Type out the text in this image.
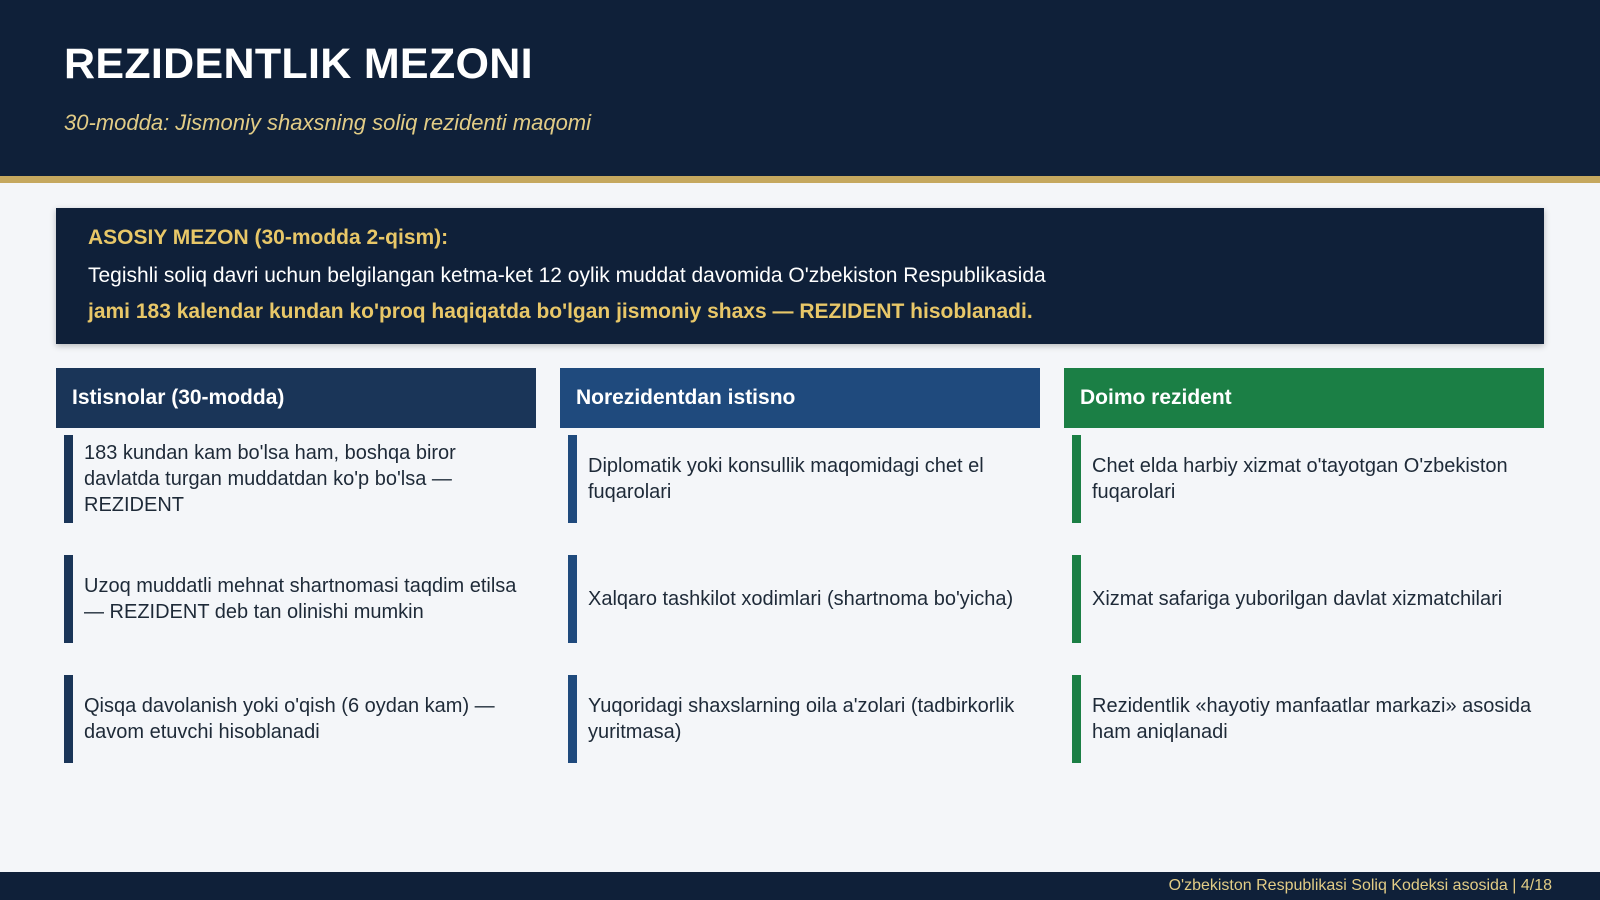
REZIDENTLIK MEZONI
30-modda: Jismoniy shaxsning soliq rezidenti maqomi
ASOSIY MEZON (30-modda 2-qism):
Tegishli soliq davri uchun belgilangan ketma-ket 12 oylik muddat davomida O'zbekiston Respublikasida
jami 183 kalendar kundan ko'proq haqiqatda bo'lgan jismoniy shaxs — REZIDENT hisoblanadi.
Istisnolar (30-modda)
183 kundan kam bo'lsa ham, boshqa biror davlatda turgan muddatdan ko'p bo'lsa — REZIDENT
Uzoq muddatli mehnat shartnomasi taqdim etilsa — REZIDENT deb tan olinishi mumkin
Qisqa davolanish yoki o'qish (6 oydan kam) — davom etuvchi hisoblanadi
Norezidentdan istisno
Diplomatik yoki konsullik maqomidagi chet el fuqarolari
Xalqaro tashkilot xodimlari (shartnoma bo'yicha)
Yuqoridagi shaxslarning oila a'zolari (tadbirkorlik yuritmasa)
Doimo rezident
Chet elda harbiy xizmat o'tayotgan O'zbekiston fuqarolari
Xizmat safariga yuborilgan davlat xizmatchilari
Rezidentlik «hayotiy manfaatlar markazi» asosida ham aniqlanadi
O'zbekiston Respublikasi Soliq Kodeksi asosida | 4/18
